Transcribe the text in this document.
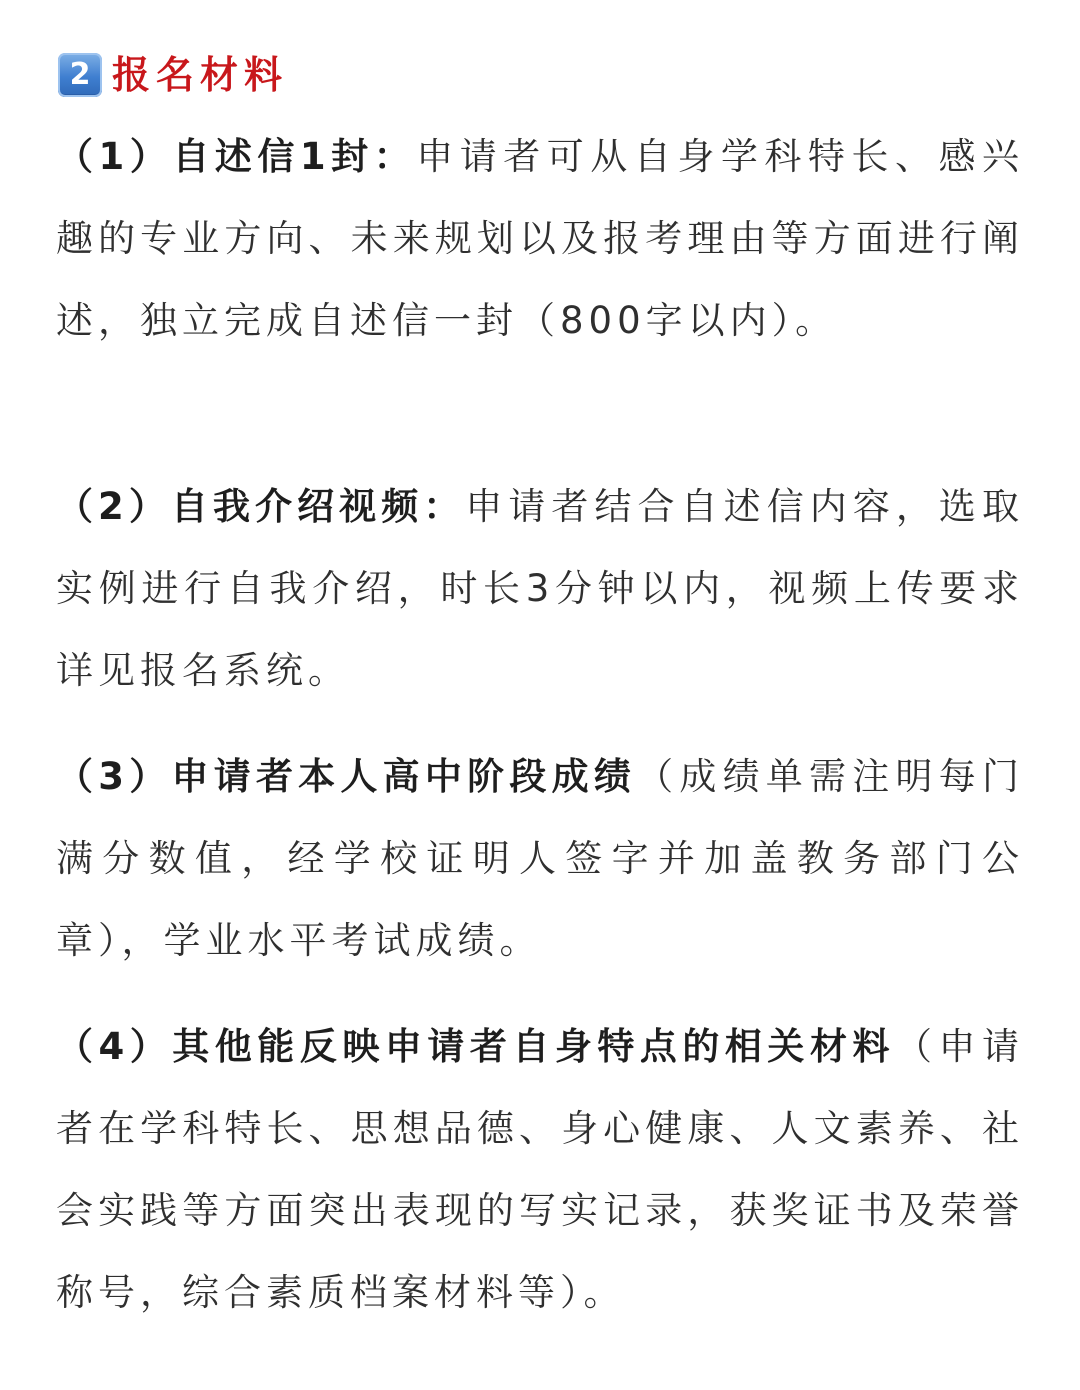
2 报名材料

（1）自述信1封：申请者可从自身学科特长、感兴趣的专业方向、未来规划以及报考理由等方面进行阐述，独立完成自述信一封（800字以内）。

（2）自我介绍视频：申请者结合自述信内容，选取实例进行自我介绍，时长3分钟以内，视频上传要求详见报名系统。

（3）申请者本人高中阶段成绩（成绩单需注明每门满分数值，经学校证明人签字并加盖教务部门公章），学业水平考试成绩。

（4）其他能反映申请者自身特点的相关材料（申请者在学科特长、思想品德、身心健康、人文素养、社会实践等方面突出表现的写实记录，获奖证书及荣誉称号，综合素质档案材料等）。
